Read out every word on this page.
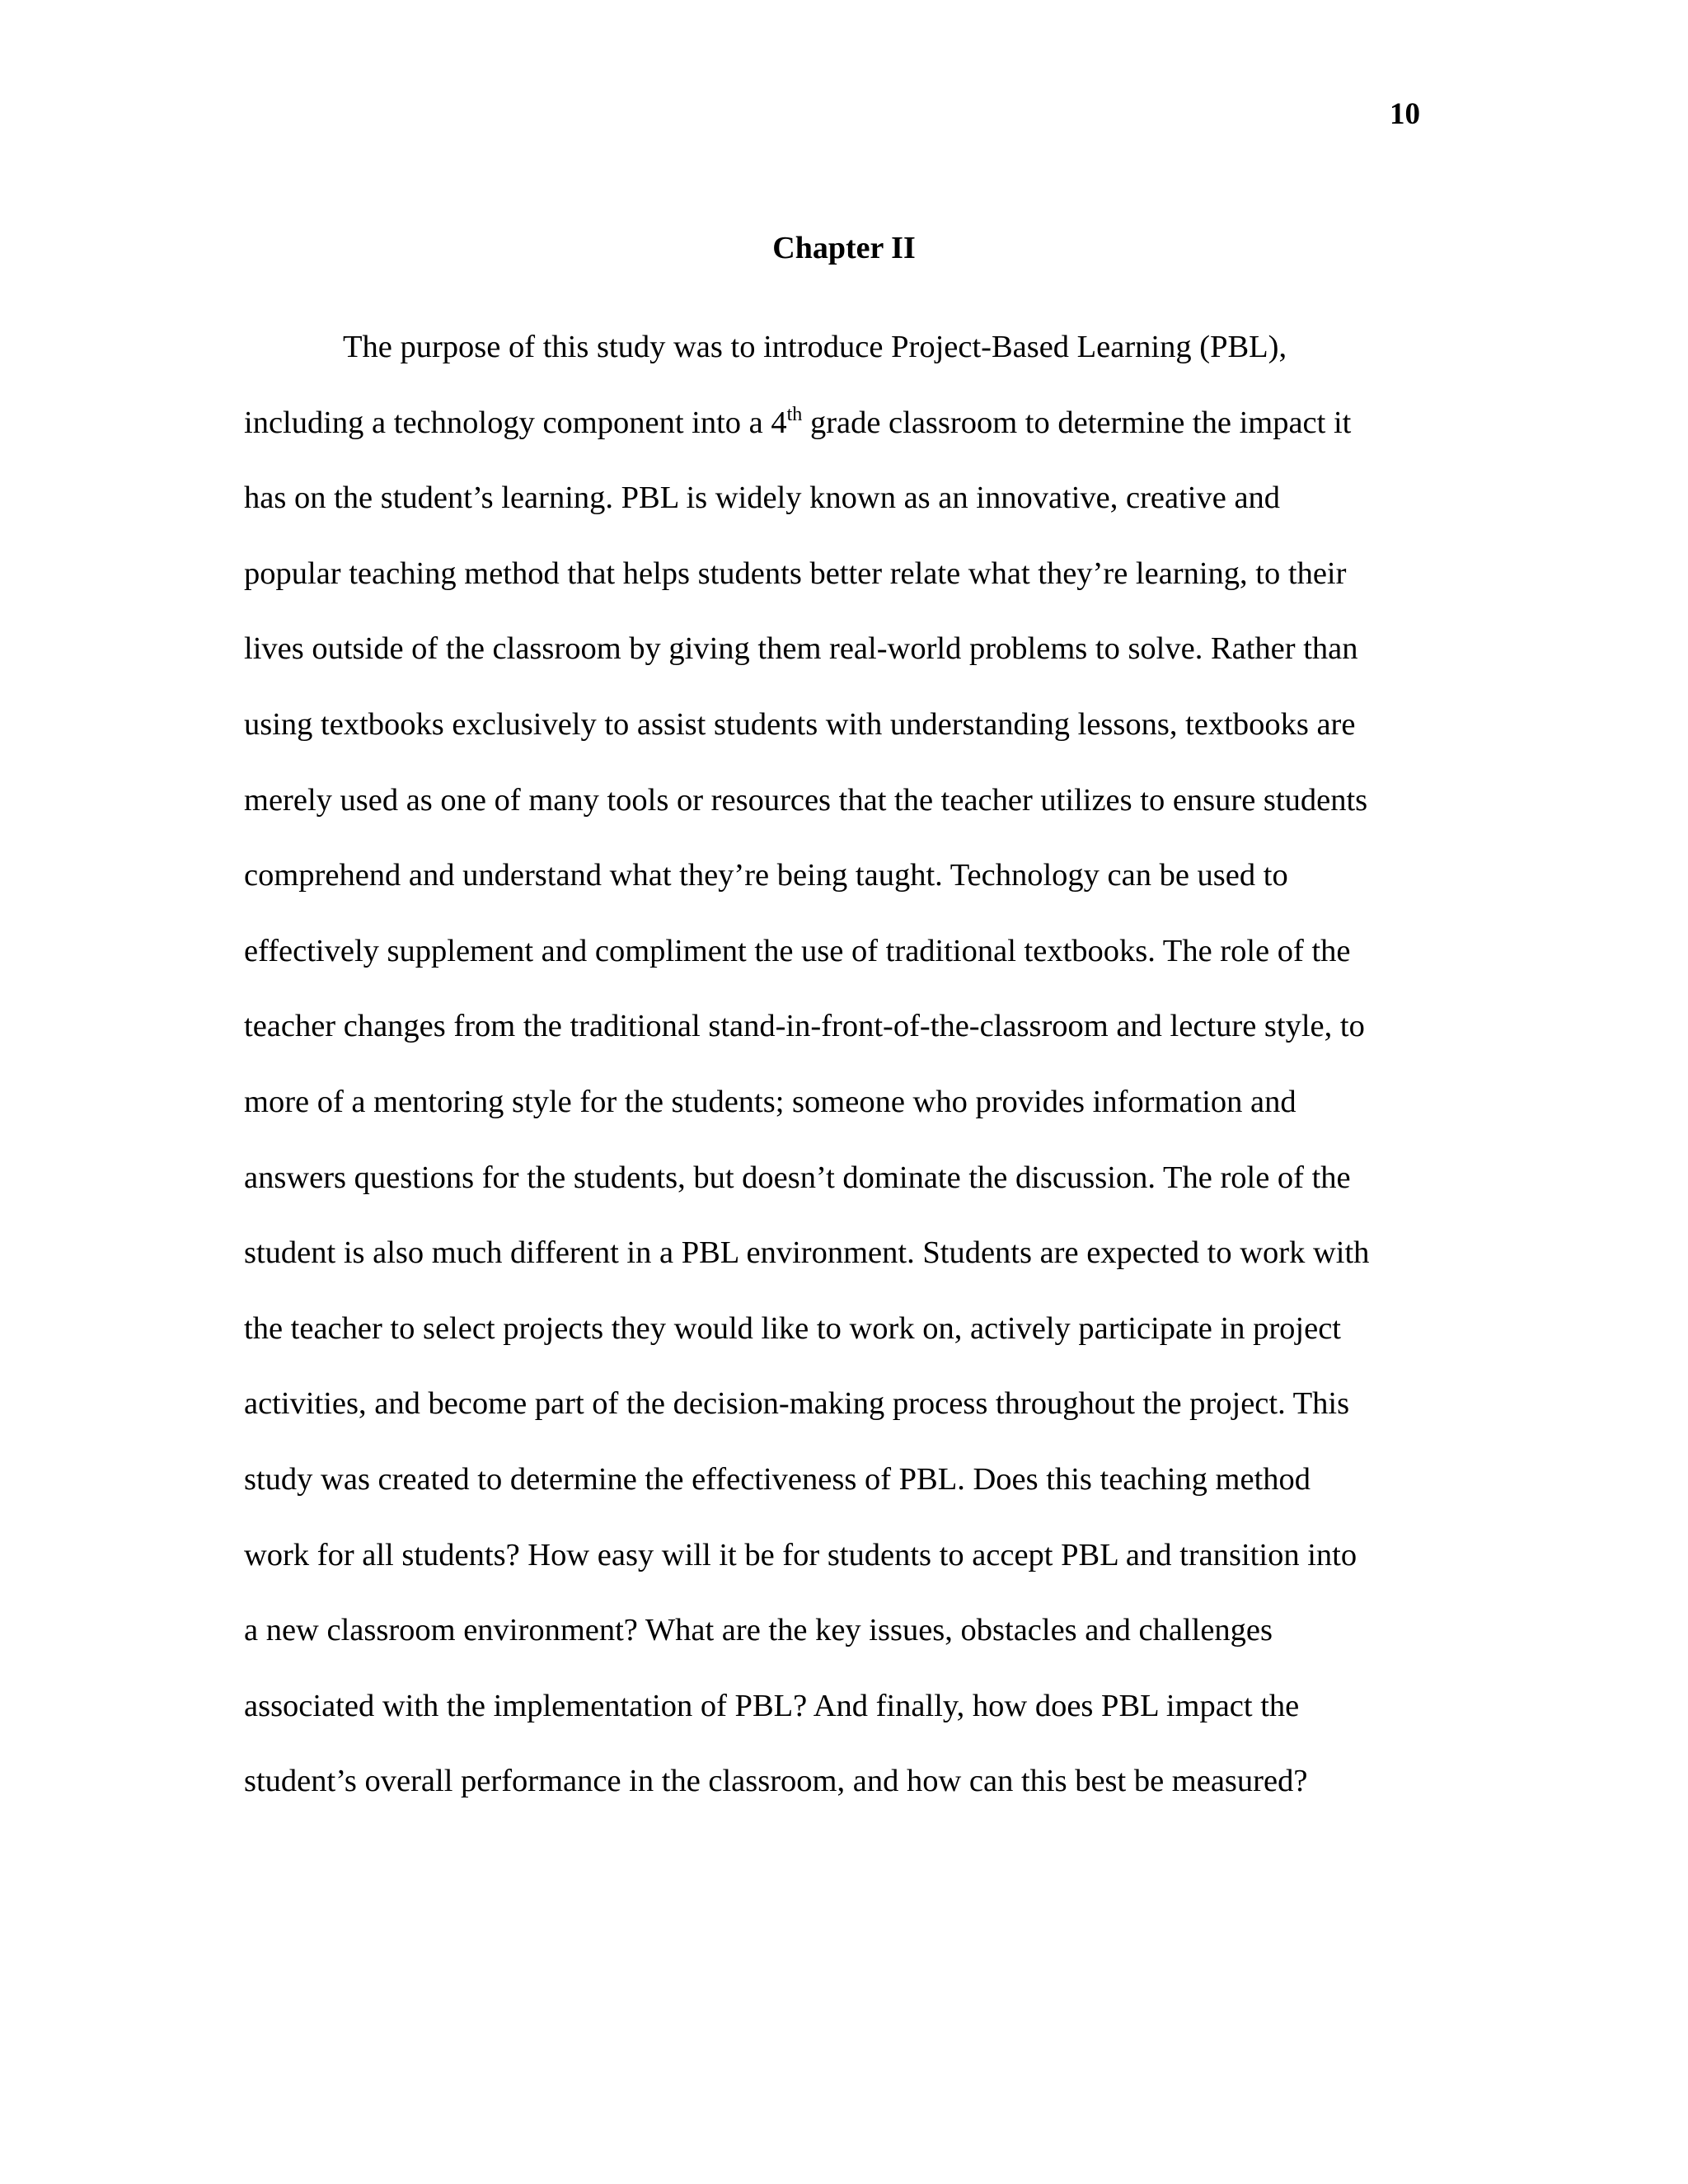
10
Chapter II
The purpose of this study was to introduce Project-Based Learning (PBL),
including a technology component into a 4th grade classroom to determine the impact it
has on the student’s learning. PBL is widely known as an innovative, creative and
popular teaching method that helps students better relate what they’re learning, to their
lives outside of the classroom by giving them real-world problems to solve. Rather than
using textbooks exclusively to assist students with understanding lessons, textbooks are
merely used as one of many tools or resources that the teacher utilizes to ensure students
comprehend and understand what they’re being taught. Technology can be used to
effectively supplement and compliment the use of traditional textbooks. The role of the
teacher changes from the traditional stand-in-front-of-the-classroom and lecture style, to
more of a mentoring style for the students; someone who provides information and
answers questions for the students, but doesn’t dominate the discussion. The role of the
student is also much different in a PBL environment. Students are expected to work with
the teacher to select projects they would like to work on, actively participate in project
activities, and become part of the decision-making process throughout the project. This
study was created to determine the effectiveness of PBL. Does this teaching method
work for all students? How easy will it be for students to accept PBL and transition into
a new classroom environment? What are the key issues, obstacles and challenges
associated with the implementation of PBL? And finally, how does PBL impact the
student’s overall performance in the classroom, and how can this best be measured?
